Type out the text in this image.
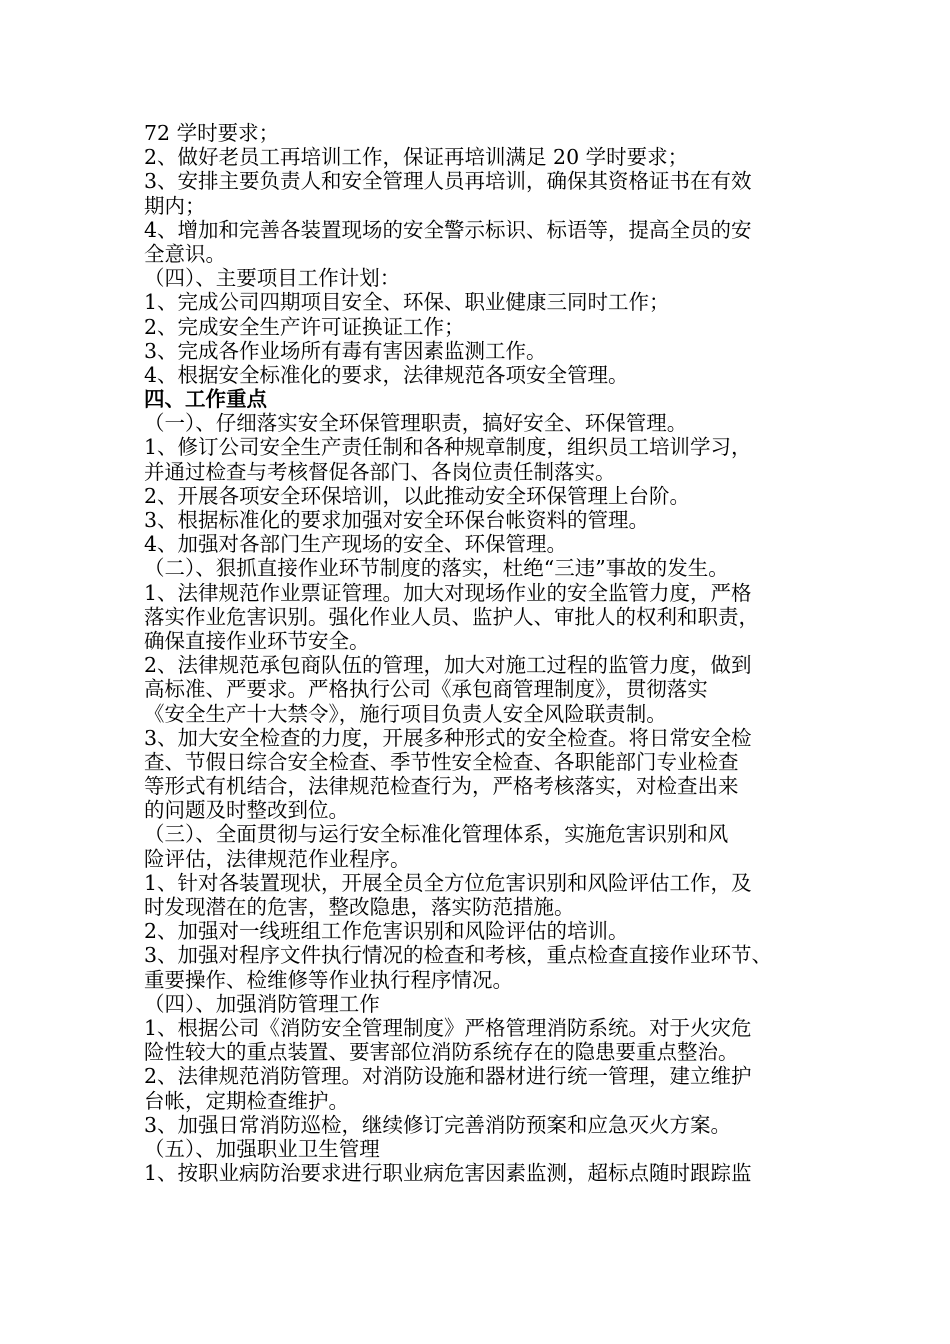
72 学时要求；
2、做好老员工再培训工作，保证再培训满足 20 学时要求；
3、安排主要负责人和安全管理人员再培训，确保其资格证书在有效
期内；
4、增加和完善各装置现场的安全警示标识、标语等，提高全员的安
全意识。
（四）、主要项目工作计划：
1、完成公司四期项目安全、环保、职业健康三同时工作；
2、完成安全生产许可证换证工作；
3、完成各作业场所有毒有害因素监测工作。
4、根据安全标准化的要求，法律规范各项安全管理。
四、工作重点
（一）、仔细落实安全环保管理职责，搞好安全、环保管理。
1、修订公司安全生产责任制和各种规章制度，组织员工培训学习，
并通过检查与考核督促各部门、各岗位责任制落实。
2、开展各项安全环保培训，以此推动安全环保管理上台阶。
3、根据标准化的要求加强对安全环保台帐资料的管理。
4、加强对各部门生产现场的安全、环保管理。
（二）、狠抓直接作业环节制度的落实，杜绝“三违”事故的发生。
1、法律规范作业票证管理。加大对现场作业的安全监管力度，严格
落实作业危害识别。强化作业人员、监护人、审批人的权利和职责，
确保直接作业环节安全。
2、法律规范承包商队伍的管理，加大对施工过程的监管力度，做到
高标准、严要求。严格执行公司《承包商管理制度》，贯彻落实
《安全生产十大禁令》，施行项目负责人安全风险联责制。
3、加大安全检查的力度，开展多种形式的安全检查。将日常安全检
查、节假日综合安全检查、季节性安全检查、各职能部门专业检查
等形式有机结合，法律规范检查行为，严格考核落实，对检查出来
的问题及时整改到位。
（三）、全面贯彻与运行安全标准化管理体系，实施危害识别和风
险评估，法律规范作业程序。
1、针对各装置现状，开展全员全方位危害识别和风险评估工作，及
时发现潜在的危害，整改隐患，落实防范措施。
2、加强对一线班组工作危害识别和风险评估的培训。
3、加强对程序文件执行情况的检查和考核，重点检查直接作业环节、
重要操作、检维修等作业执行程序情况。
（四）、加强消防管理工作
1、根据公司《消防安全管理制度》严格管理消防系统。对于火灾危
险性较大的重点装置、要害部位消防系统存在的隐患要重点整治。
2、法律规范消防管理。对消防设施和器材进行统一管理，建立维护
台帐，定期检查维护。
3、加强日常消防巡检，继续修订完善消防预案和应急灭火方案。
（五）、加强职业卫生管理
1、按职业病防治要求进行职业病危害因素监测，超标点随时跟踪监
